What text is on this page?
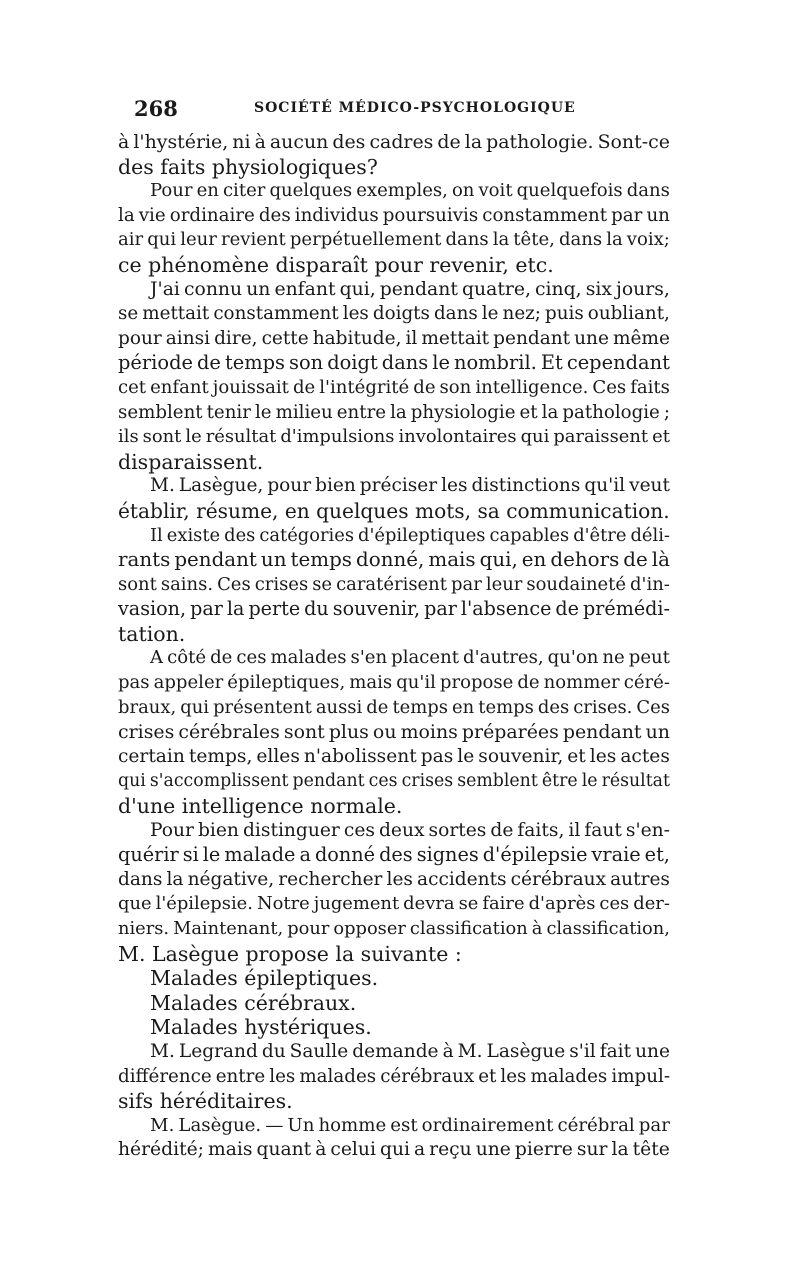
268	SOCIÉTÉ MÉDICO-PSYCHOLOGIQUE
à l'hystérie, ni à aucun des cadres de la pathologie. Sont-ce
des faits physiologiques?
Pour en citer quelques exemples, on voit quelquefois dans
la vie ordinaire des individus poursuivis constamment par un
air qui leur revient perpétuellement dans la tête, dans la voix;
ce phénomène disparaît pour revenir, etc.
J'ai connu un enfant qui, pendant quatre, cinq, six jours,
se mettait constamment les doigts dans le nez; puis oubliant,
pour ainsi dire, cette habitude, il mettait pendant une même
période de temps son doigt dans le nombril. Et cependant
cet enfant jouissait de l'intégrité de son intelligence. Ces faits
semblent tenir le milieu entre la physiologie et la pathologie ;
ils sont le résultat d'impulsions involontaires qui paraissent et
disparaissent.
M. Lasègue, pour bien préciser les distinctions qu'il veut
établir, résume, en quelques mots, sa communication.
Il existe des catégories d'épileptiques capables d'être déli-
rants pendant un temps donné, mais qui, en dehors de là
sont sains. Ces crises se caratérisent par leur soudaineté d'in-
vasion, par la perte du souvenir, par l'absence de prémédi-
tation.
A côté de ces malades s'en placent d'autres, qu'on ne peut
pas appeler épileptiques, mais qu'il propose de nommer céré-
braux, qui présentent aussi de temps en temps des crises. Ces
crises cérébrales sont plus ou moins préparées pendant un
certain temps, elles n'abolissent pas le souvenir, et les actes
qui s'accomplissent pendant ces crises semblent être le résultat
d'une intelligence normale.
Pour bien distinguer ces deux sortes de faits, il faut s'en-
quérir si le malade a donné des signes d'épilepsie vraie et,
dans la négative, rechercher les accidents cérébraux autres
que l'épilepsie. Notre jugement devra se faire d'après ces der-
niers. Maintenant, pour opposer classification à classification,
M. Lasègue propose la suivante :
Malades épileptiques.
Malades cérébraux.
Malades hystériques.
M. Legrand du Saulle demande à M. Lasègue s'il fait une
différence entre les malades cérébraux et les malades impul-
sifs héréditaires.
M. Lasègue. — Un homme est ordinairement cérébral par
hérédité; mais quant à celui qui a reçu une pierre sur la tête
